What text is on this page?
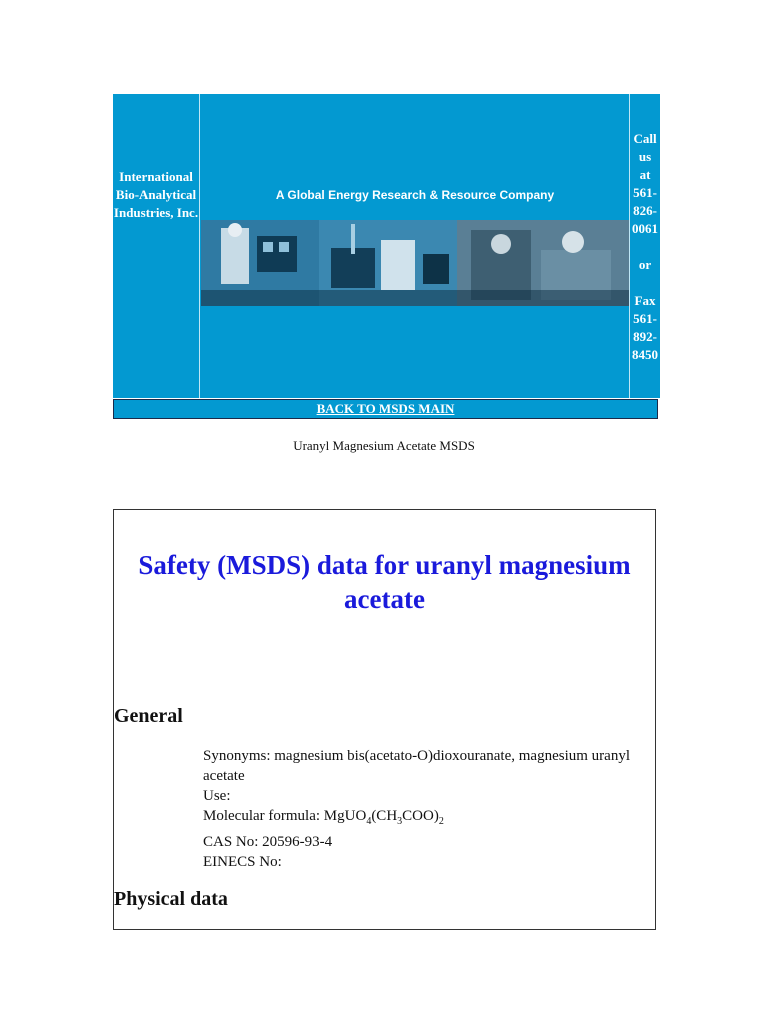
International Bio-Analytical Industries, Inc.
A Global Energy Research & Resource Company
Call
us
at
561-
826-
0061

or

Fax
561-
892-
8450
BACK TO MSDS MAIN
Uranyl Magnesium Acetate MSDS
Safety (MSDS) data for uranyl magnesium acetate
General
Synonyms: magnesium bis(acetato-O)dioxouranate, magnesium uranyl acetate
Use:
Molecular formula: $MgUO_4(CH_3COO)_2$
CAS No: 20596-93-4
EINECS No:
Physical data
